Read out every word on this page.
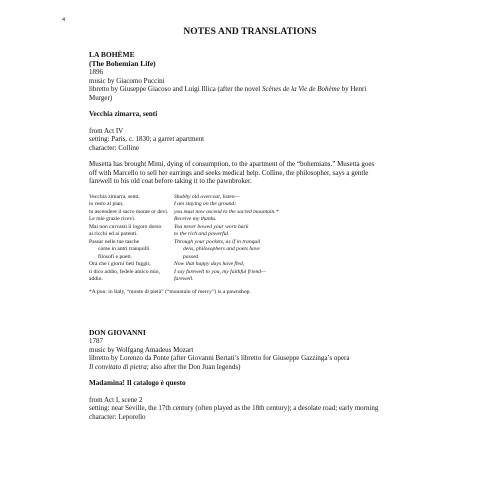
4
NOTES AND TRANSLATIONS
LA BOHÈME
(The Bohemian Life)
1896
music by Giacomo Puccini
libretto by Giuseppe Giacoso and Luigi Illica (after the novel Scènes de la Vie de Bohème by Henri
Murger)
Vecchia zimarra, senti
from Act IV
setting: Paris, c. 1830; a garret apartment
character: Colline
Musetta has brought Mimì, dying of consumption, to the apartment of the “bohemians.” Musetta goes
off with Marcello to sell her earrings and seeks medical help. Colline, the philosopher, says a gentle
farewell to his old coat before taking it to the pawnbroker.
Vecchia zimarra, senti,
io resto al pian,
tu ascendere il sacro monte or devi.
Le mie grazie ricevi.
Mai non curvasti il logoro dorso
ai ricchi ed ai potenti.
Passar nelle tue tasche
come in antri tranquilli
filosofi e poeti.
Ora che i giorni lieti fuggir,
ti dico addio, fedele amico mio,
addio.
Shabby old overcoat, listen—
I am staying on the ground;
you must now ascend to the sacred mountain.*
Receive my thanks.
You never bowed your worn back
to the rich and powerful.
Through your pockets, as if in tranquil
dens, philosophers and poets have
passed.
Now that happy days have fled,
I say farewell to you, my faithful friend—
farewell.
*A pun: in Italy, “monte di pietà” (“mountain of mercy”) is a pawnshop.
DON GIOVANNI
1787
music by Wolfgang Amadeus Mozart
libretto by Lorenzo da Ponte (after Giovanni Bertati’s libretto for Giuseppe Gazzinga’s opera
Il convitato di pietra; also after the Don Juan legends)
Madamina! Il catalogo è questo
from Act I, scene 2
setting: near Seville, the 17th century (often played as the 18th century); a desolate road; early morning
character: Leporello
